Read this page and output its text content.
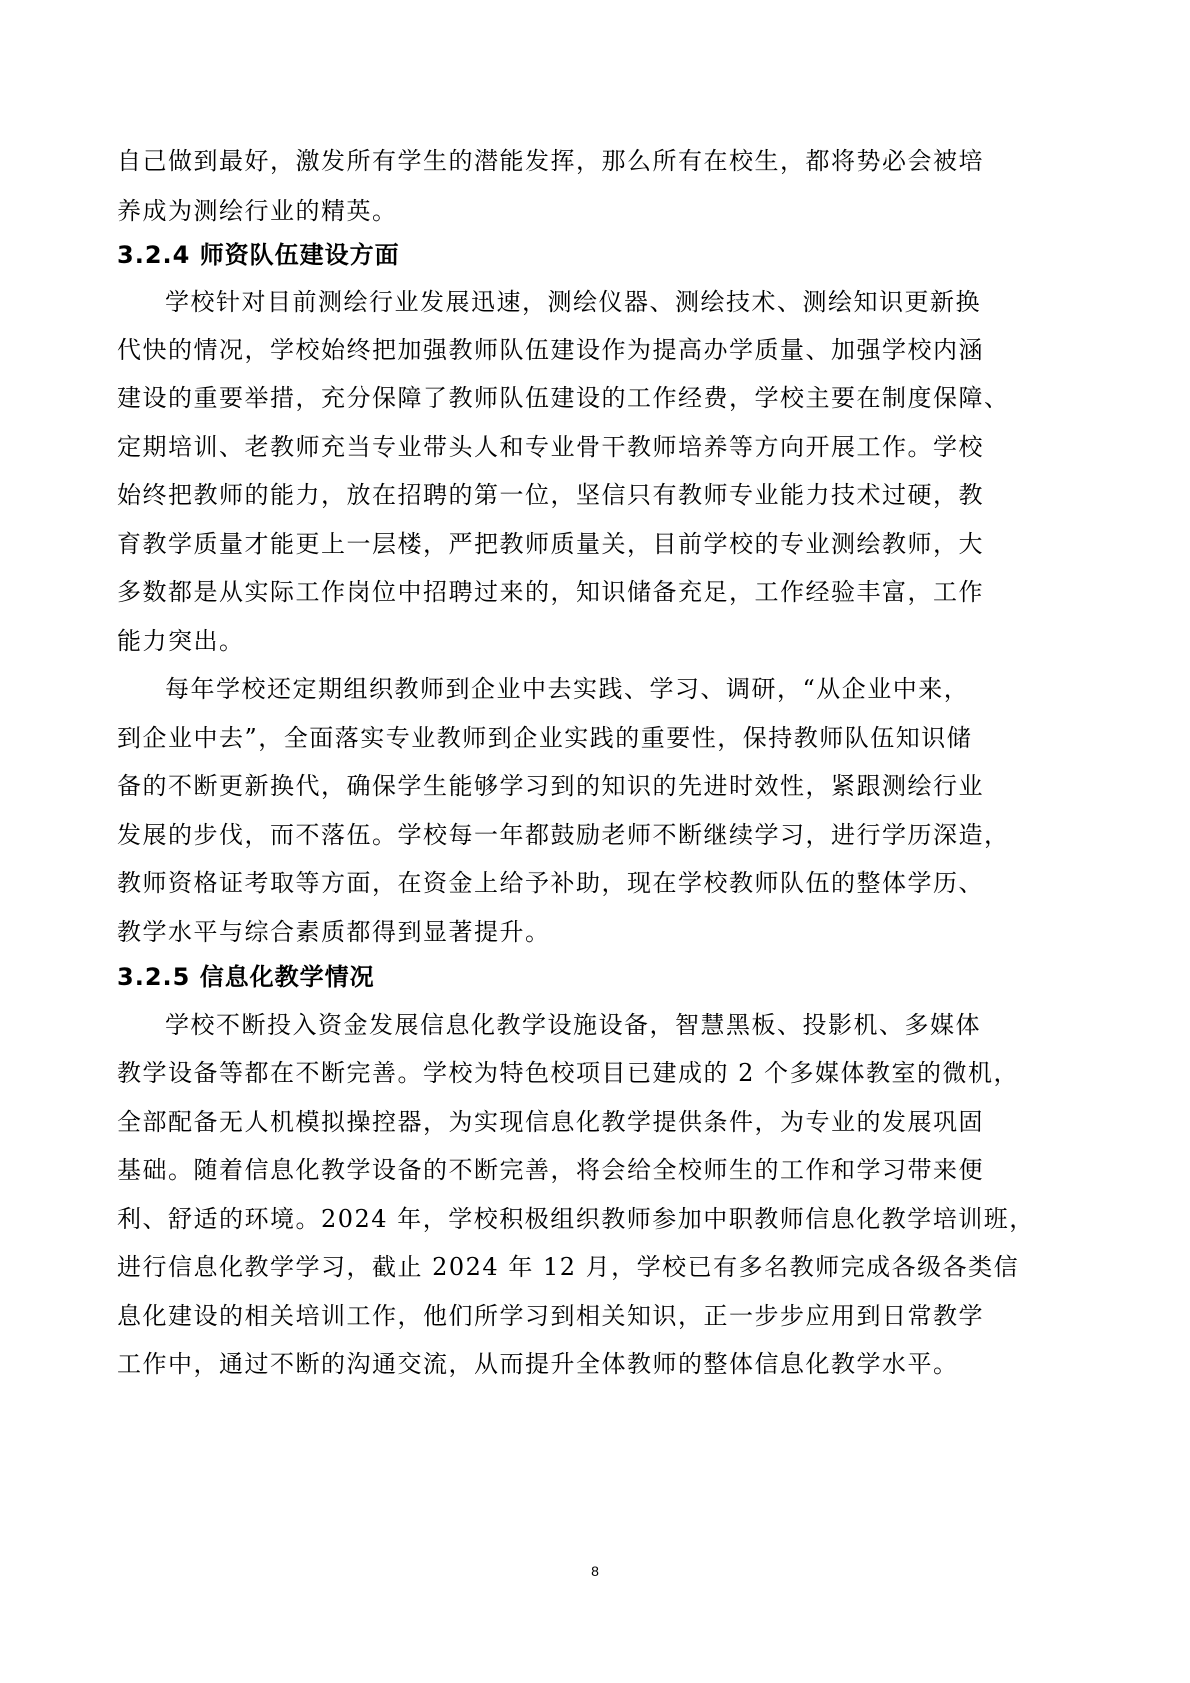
自己做到最好，激发所有学生的潜能发挥，那么所有在校生，都将势必会被培
养成为测绘行业的精英。
3.2.4 师资队伍建设方面
学校针对目前测绘行业发展迅速，测绘仪器、测绘技术、测绘知识更新换
代快的情况，学校始终把加强教师队伍建设作为提高办学质量、加强学校内涵
建设的重要举措，充分保障了教师队伍建设的工作经费，学校主要在制度保障、
定期培训、老教师充当专业带头人和专业骨干教师培养等方向开展工作。学校
始终把教师的能力，放在招聘的第一位，坚信只有教师专业能力技术过硬，教
育教学质量才能更上一层楼，严把教师质量关，目前学校的专业测绘教师，大
多数都是从实际工作岗位中招聘过来的，知识储备充足，工作经验丰富，工作
能力突出。
每年学校还定期组织教师到企业中去实践、学习、调研，“从企业中来，
到企业中去”，全面落实专业教师到企业实践的重要性，保持教师队伍知识储
备的不断更新换代，确保学生能够学习到的知识的先进时效性，紧跟测绘行业
发展的步伐，而不落伍。学校每一年都鼓励老师不断继续学习，进行学历深造，
教师资格证考取等方面，在资金上给予补助，现在学校教师队伍的整体学历、
教学水平与综合素质都得到显著提升。
3.2.5 信息化教学情况
学校不断投入资金发展信息化教学设施设备，智慧黑板、投影机、多媒体
教学设备等都在不断完善。学校为特色校项目已建成的 2 个多媒体教室的微机，
全部配备无人机模拟操控器，为实现信息化教学提供条件，为专业的发展巩固
基础。随着信息化教学设备的不断完善，将会给全校师生的工作和学习带来便
利、舒适的环境。2024 年，学校积极组织教师参加中职教师信息化教学培训班，
进行信息化教学学习，截止 2024 年 12 月，学校已有多名教师完成各级各类信
息化建设的相关培训工作，他们所学习到相关知识，正一步步应用到日常教学
工作中，通过不断的沟通交流，从而提升全体教师的整体信息化教学水平。
8
